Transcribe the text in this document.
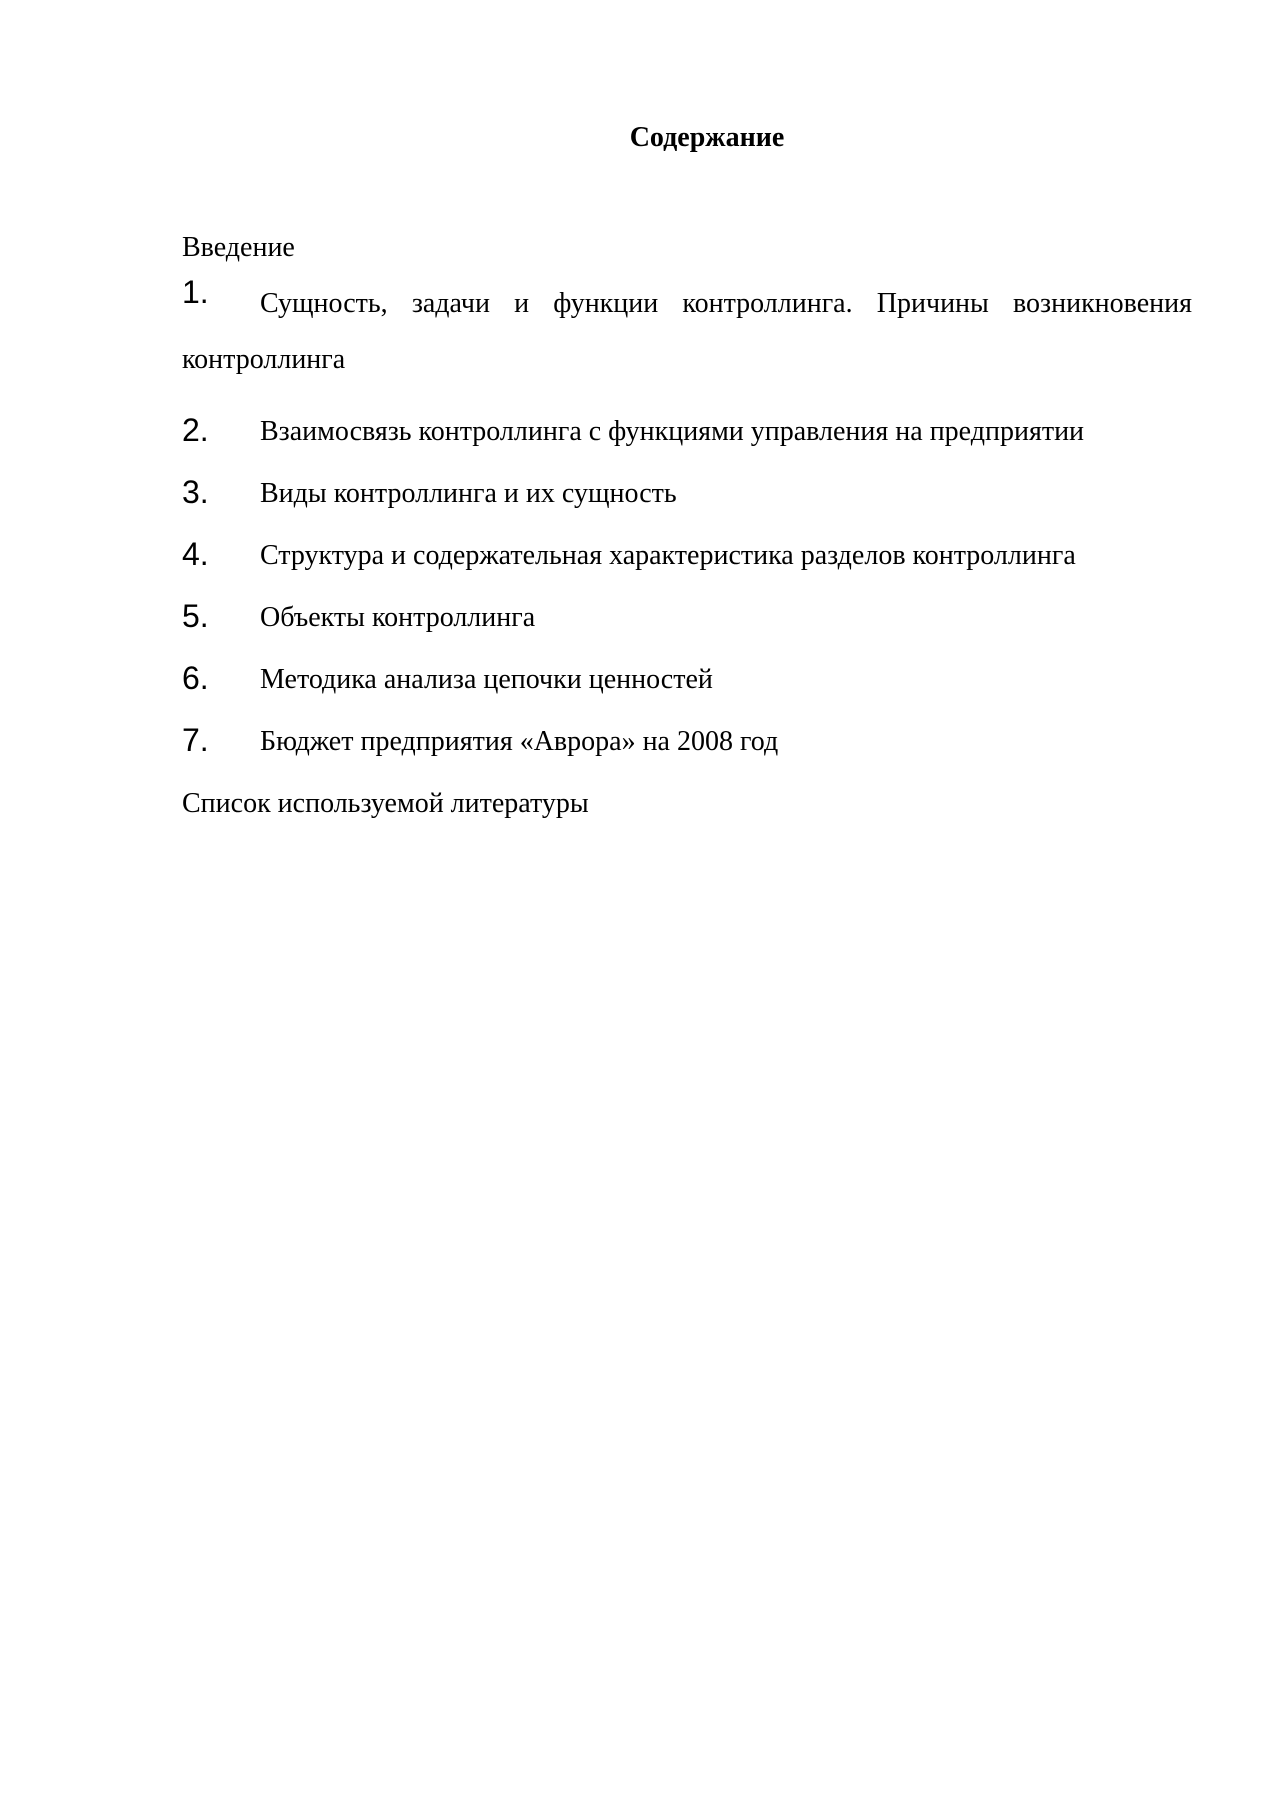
Содержание
Введение
1.	Сущность, задачи и функции контроллинга. Причины возникновения контроллинга
2.	Взаимосвязь контроллинга с функциями управления на предприятии
3.	Виды контроллинга и их сущность
4.	Структура и содержательная характеристика разделов контроллинга
5.	Объекты контроллинга
6.	Методика анализа цепочки ценностей
7.	Бюджет предприятия «Аврора» на 2008 год
Список используемой литературы
